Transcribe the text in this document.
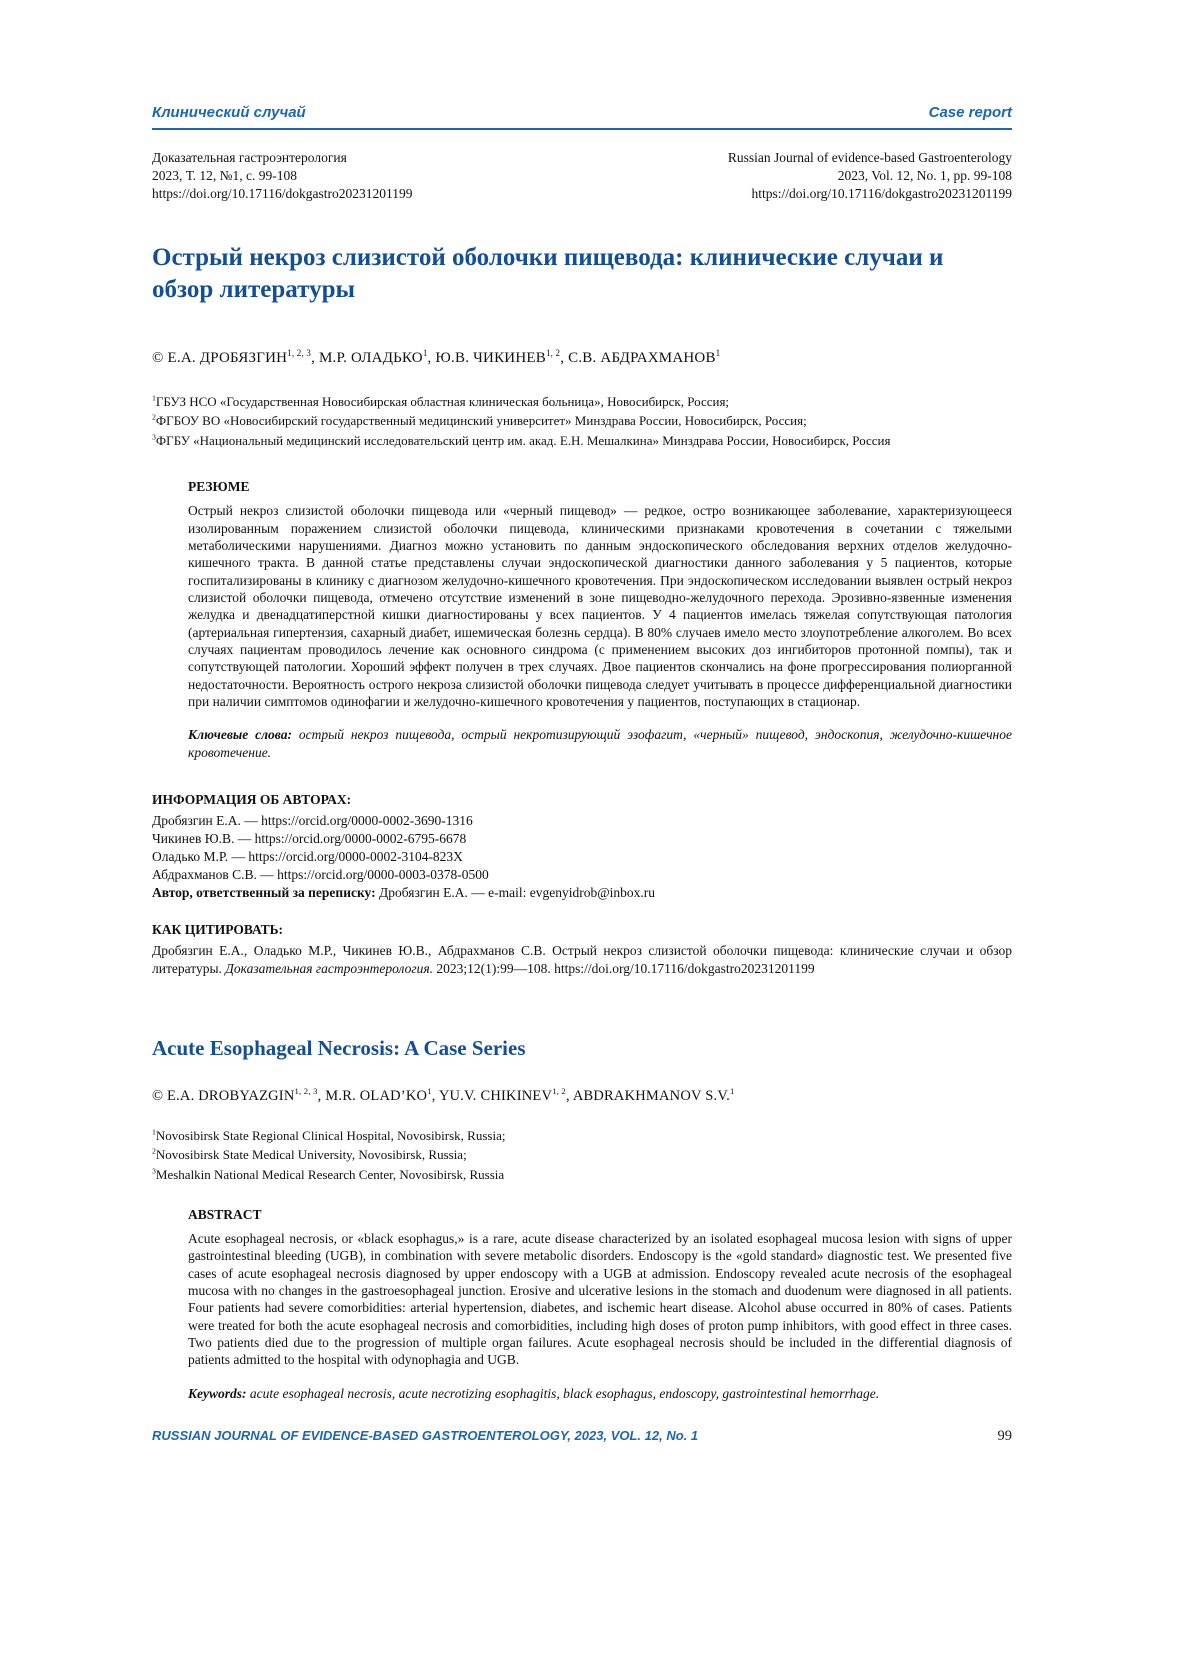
Клинический случай	Case report
Доказательная гастроэнтерология
2023, Т. 12, №1, с. 99-108
https://doi.org/10.17116/dokgastro20231201199
Russian Journal of evidence-based Gastroenterology
2023, Vol. 12, No. 1, pp. 99-108
https://doi.org/10.17116/dokgastro20231201199
Острый некроз слизистой оболочки пищевода: клинические случаи и обзор литературы

© Е.А. ДРОБЯЗГИН$^{1, 2, 3}$, М.Р. ОЛАДЬКО$^1$, Ю.В. ЧИКИНЕВ$^{1, 2}$, С.В. АБДРАХМАНОВ$^1$

$^1$ГБУЗ НСО «Государственная Новосибирская областная клиническая больница», Новосибирск, Россия;
$^2$ФГБОУ ВО «Новосибирский государственный медицинский университет» Минздрава России, Новосибирск, Россия;
$^3$ФГБУ «Национальный медицинский исследовательский центр им. акад. Е.Н. Мешалкина» Минздрава России, Новосибирск, Россия
РЕЗЮМЕ

Острый некроз слизистой оболочки пищевода или «черный пищевод» — редкое, остро возникающее заболевание, характеризующееся изолированным поражением слизистой оболочки пищевода, клиническими признаками кровотечения в сочетании с тяжелыми метаболическими нарушениями. Диагноз можно установить по данным эндоскопического обследования верхних отделов желудочно-кишечного тракта. В данной статье представлены случаи эндоскопической диагностики данного заболевания у 5 пациентов, которые госпитализированы в клинику с диагнозом желудочно-кишечного кровотечения. При эндоскопическом исследовании выявлен острый некроз слизистой оболочки пищевода, отмечено отсутствие изменений в зоне пищеводно-желудочного перехода. Эрозивно-язвенные изменения желудка и двенадцатиперстной кишки диагностированы у всех пациентов. У 4 пациентов имелась тяжелая сопутствующая патология (артериальная гипертензия, сахарный диабет, ишемическая болезнь сердца). В 80% случаев имело место злоупотребление алкоголем. Во всех случаях пациентам проводилось лечение как основного синдрома (с применением высоких доз ингибиторов протонной помпы), так и сопутствующей патологии. Хороший эффект получен в трех случаях. Двое пациентов скончались на фоне прогрессирования полиорганной недостаточности. Вероятность острого некроза слизистой оболочки пищевода следует учитывать в процессе дифференциальной диагностики при наличии симптомов одинофагии и желудочно-кишечного кровотечения у пациентов, поступающих в стационар.

Ключевые слова: острый некроз пищевода, острый некротизирующий эзофагит, «черный» пищевод, эндоскопия, желудочно-кишечное кровотечение.

ИНФОРМАЦИЯ ОБ АВТОРАХ:
Дробязгин Е.А. — https://orcid.org/0000-0002-3690-1316
Чикинев Ю.В. — https://orcid.org/0000-0002-6795-6678
Оладько М.Р. — https://orcid.org/0000-0002-3104-823X
Абдрахманов С.В. — https://orcid.org/0000-0003-0378-0500
Автор, ответственный за переписку: Дробязгин Е.А. — e-mail: evgenyidrob@inbox.ru
КАК ЦИТИРОВАТЬ:

Дробязгин Е.А., Оладько М.Р., Чикинев Ю.В., Абдрахманов С.В. Острый некроз слизистой оболочки пищевода: клинические случаи и обзор литературы. Доказательная гастроэнтерология. 2023;12(1):99—108. https://doi.org/10.17116/dokgastro20231201199

Acute Esophageal Necrosis: A Case Series

© E.A. DROBYAZGIN$^{1, 2, 3}$, M.R. $OLAD’KO^1$, YU.V. CHIKINEV$^{1, 2}$, ABDRAKHMANOV S.V.$^1$

$^1$Novosibirsk State Regional Clinical Hospital, Novosibirsk, Russia;
$^2$Novosibirsk State Medical University, Novosibirsk, Russia;
$^3$Meshalkin National Medical Research Center, Novosibirsk, Russia
ABSTRACT

Acute esophageal necrosis, or «black esophagus,» is a rare, acute disease characterized by an isolated esophageal mucosa lesion with signs of upper gastrointestinal bleeding (UGB), in combination with severe metabolic disorders. Endoscopy is the «gold standard» diagnostic test. We presented five cases of acute esophageal necrosis diagnosed by upper endoscopy with a UGB at admission. Endoscopy revealed acute necrosis of the esophageal mucosa with no changes in the gastroesophageal junction. Erosive and ulcerative lesions in the stomach and duodenum were diagnosed in all patients. Four patients had severe comorbidities: arterial hypertension, diabetes, and ischemic heart disease. Alcohol abuse occurred in 80% of cases. Patients were treated for both the acute esophageal necrosis and comorbidities, including high doses of proton pump inhibitors, with good effect in three cases. Two patients died due to the progression of multiple organ failures. Acute esophageal necrosis should be included in the differential diagnosis of patients admitted to the hospital with odynophagia and UGB.

Keywords: acute esophageal necrosis, acute necrotizing esophagitis, black esophagus, endoscopy, gastrointestinal hemorrhage.

RUSSIAN JOURNAL OF EVIDENCE-BASED GASTROENTEROLOGY, 2023, VOL. 12, No. 1	99
